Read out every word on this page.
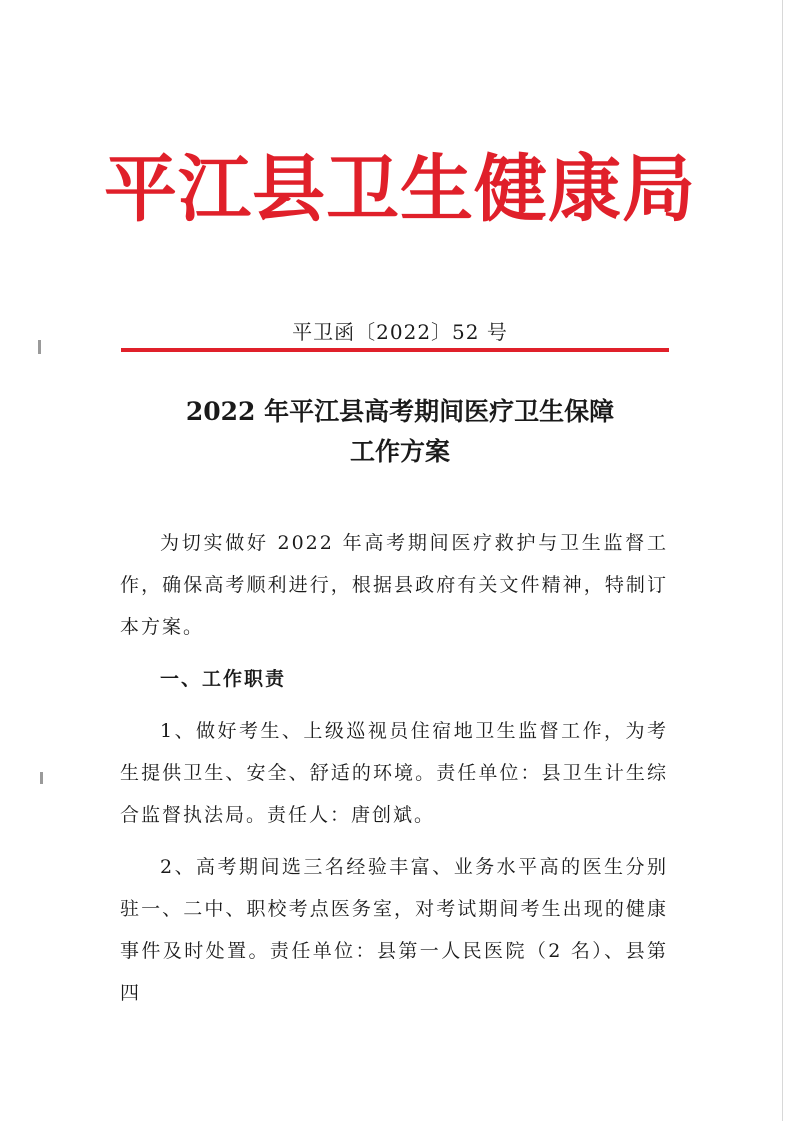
平江县卫生健康局
平卫函〔2022〕52 号
2022 年平江县高考期间医疗卫生保障
工作方案

为切实做好 2022 年高考期间医疗救护与卫生监督工作，确保高考顺利进行，根据县政府有关文件精神，特制订本方案。

一、工作职责

1、做好考生、上级巡视员住宿地卫生监督工作，为考生提供卫生、安全、舒适的环境。责任单位：县卫生计生综合监督执法局。责任人：唐创斌。

2、高考期间选三名经验丰富、业务水平高的医生分别驻一、二中、职校考点医务室，对考试期间考生出现的健康事件及时处置。责任单位：县第一人民医院（2 名）、县第四
